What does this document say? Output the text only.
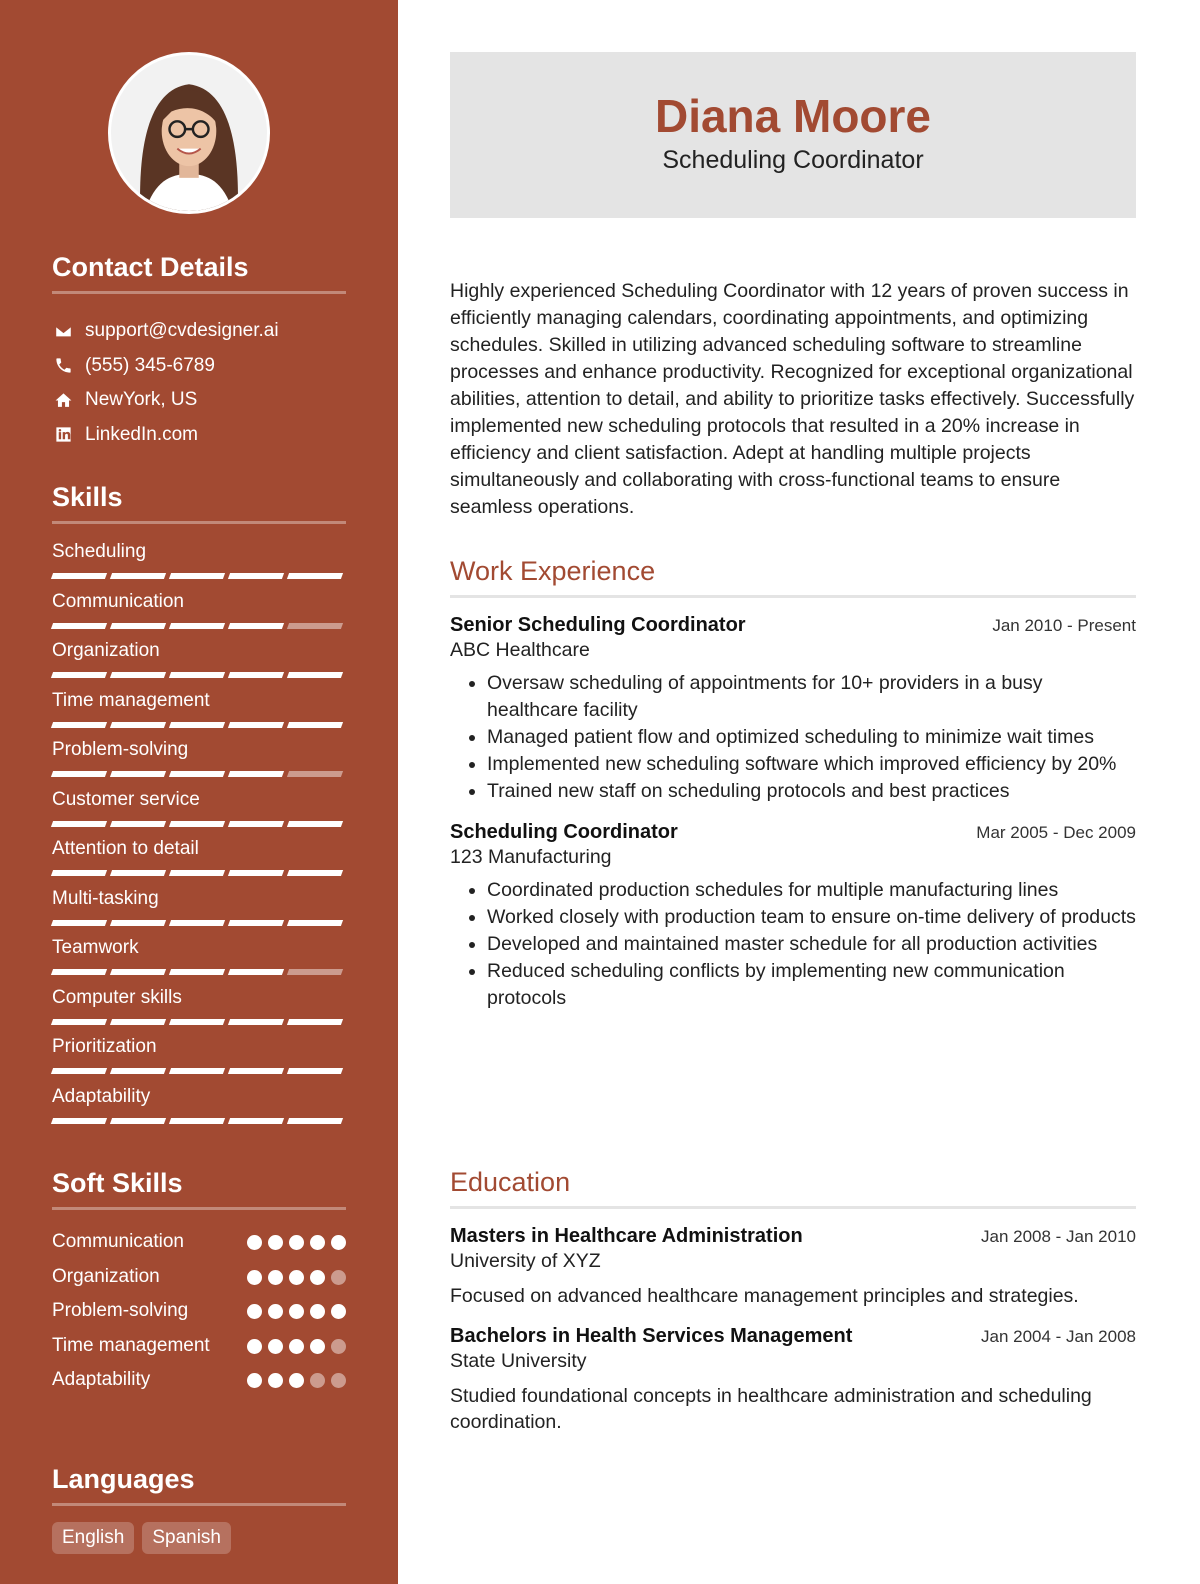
Contact Details
support@cvdesigner.ai
(555) 345-6789
NewYork, US
LinkedIn.com
Skills
Scheduling
Communication
Organization
Time management
Problem-solving
Customer service
Attention to detail
Multi-tasking
Teamwork
Computer skills
Prioritization
Adaptability
Soft Skills
Communication
Organization
Problem-solving
Time management
Adaptability
Languages
English	Spanish
Diana Moore
Scheduling Coordinator

Highly experienced Scheduling Coordinator with 12 years of proven success in efficiently managing calendars, coordinating appointments, and optimizing schedules. Skilled in utilizing advanced scheduling software to streamline processes and enhance productivity. Recognized for exceptional organizational abilities, attention to detail, and ability to prioritize tasks effectively. Successfully implemented new scheduling protocols that resulted in a 20% increase in efficiency and client satisfaction. Adept at handling multiple projects simultaneously and collaborating with cross-functional teams to ensure seamless operations.

Work Experience
Senior Scheduling Coordinator	Jan 2010 - Present
ABC Healthcare
• Oversaw scheduling of appointments for 10+ providers in a busy healthcare facility
• Managed patient flow and optimized scheduling to minimize wait times
• Implemented new scheduling software which improved efficiency by 20%
• Trained new staff on scheduling protocols and best practices
Scheduling Coordinator	Mar 2005 - Dec 2009
123 Manufacturing
• Coordinated production schedules for multiple manufacturing lines
• Worked closely with production team to ensure on-time delivery of products
• Developed and maintained master schedule for all production activities
• Reduced scheduling conflicts by implementing new communication protocols
Education
Masters in Healthcare Administration	Jan 2008 - Jan 2010
University of XYZ
Focused on advanced healthcare management principles and strategies.
Bachelors in Health Services Management	Jan 2004 - Jan 2008
State University
Studied foundational concepts in healthcare administration and scheduling coordination.
